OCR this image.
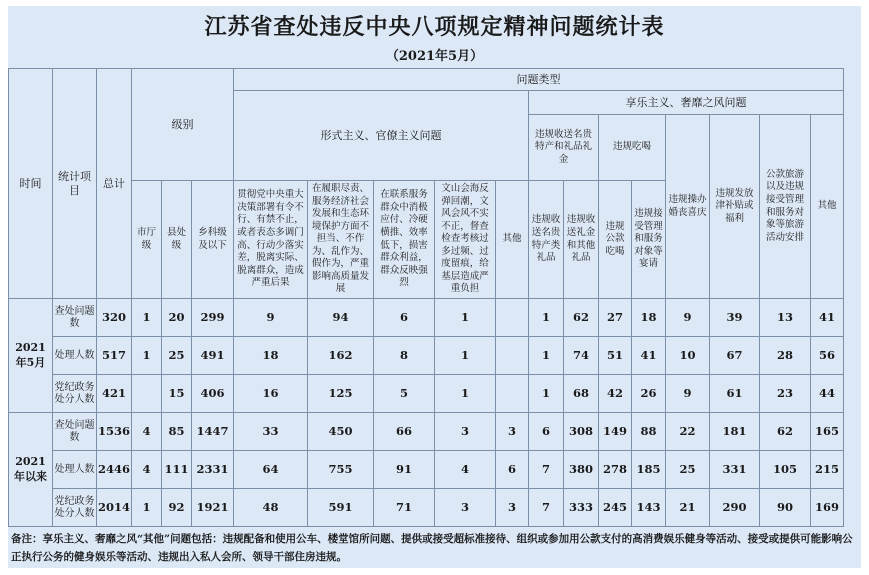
江苏省查处违反中央八项规定精神问题统计表
（2021年5月）
时间	统计项目	总计	级别			问题类型												
						形式主义、官僚主义问题					享乐主义、奢靡之风问题							
											违规收送名贵特产和礼品礼金		违规吃喝		违规操办婚丧喜庆	违规发放津补贴或福利	公款旅游以及违规接受管理和服务对象等旅游活动安排	其他
			市厅级	县处级	乡科级及以下	贯彻党中央重大决策部署有令不行、有禁不止，或者表态多调门高、行动少落实差，脱离实际、脱离群众，造成严重后果	在履职尽责、服务经济社会发展和生态环境保护方面不担当、不作为、乱作为、假作为，严重影响高质量发展	在联系服务群众中消极应付、冷硬横推、效率低下，损害群众利益，群众反映强烈	文山会海反弹回潮，文风会风不实不正，督查检查考核过多过频、过度留痕，给基层造成严重负担	其他	违规收送名贵特产类礼品	违规收送礼金和其他礼品	违规公款吃喝	违规接受管理和服务对象等宴请				
2021年5月	查处问题数	320	1	20	299	9	94	6	1		1	62	27	18	9	39	13	41
	处理人数	517	1	25	491	18	162	8	1		1	74	51	41	10	67	28	56
	党纪政务处分人数	421		15	406	16	125	5	1		1	68	42	26	9	61	23	44
2021年以来	查处问题数	1536	4	85	1447	33	450	66	3	3	6	308	149	88	22	181	62	165
	处理人数	2446	4	111	2331	64	755	91	4	6	7	380	278	185	25	331	105	215
	党纪政务处分人数	2014	1	92	1921	48	591	71	3	3	7	333	245	143	21	290	90	169
备注：享乐主义、奢靡之风“其他”问题包括：违规配备和使用公车、楼堂馆所问题、提供或接受超标准接待、组织或参加用公款支付的高消费娱乐健身等活动、接受或提供可能影响公正执行公务的健身娱乐等活动、违规出入私人会所、领导干部住房违规。
